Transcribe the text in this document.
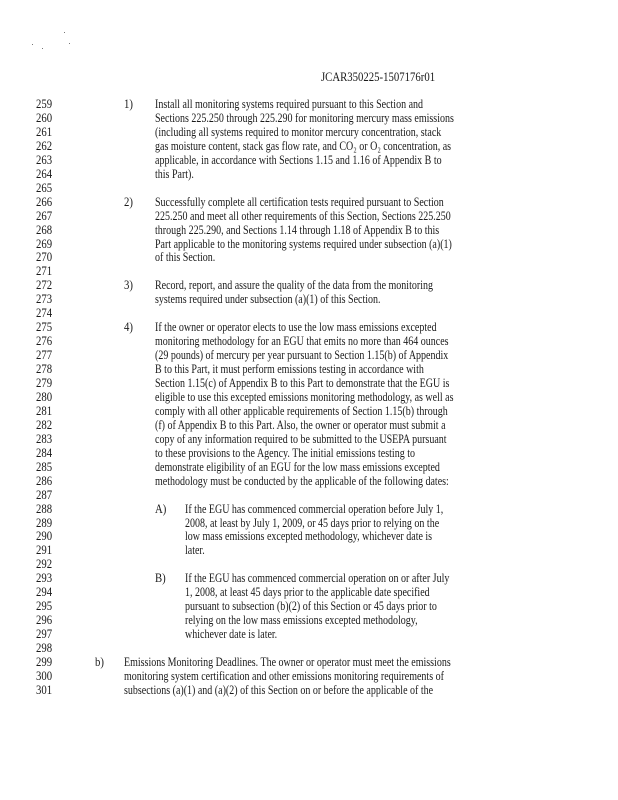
JCAR350225-1507176r01
259	1) Install all monitoring systems required pursuant to this Section and
260	Sections 225.250 through 225.290 for monitoring mercury mass emissions
261	(including all systems required to monitor mercury concentration, stack
262	gas moisture content, stack gas flow rate, and CO₂ or O₂ concentration, as
263	applicable, in accordance with Sections 1.15 and 1.16 of Appendix B to
264	this Part).
265
266	2) Successfully complete all certification tests required pursuant to Section
267	225.250 and meet all other requirements of this Section, Sections 225.250
268	through 225.290, and Sections 1.14 through 1.18 of Appendix B to this
269	Part applicable to the monitoring systems required under subsection (a)(1)
270	of this Section.
271
272	3) Record, report, and assure the quality of the data from the monitoring
273	systems required under subsection (a)(1) of this Section.
274
275	4) If the owner or operator elects to use the low mass emissions excepted
276	monitoring methodology for an EGU that emits no more than 464 ounces
277	(29 pounds) of mercury per year pursuant to Section 1.15(b) of Appendix
278	B to this Part, it must perform emissions testing in accordance with
279	Section 1.15(c) of Appendix B to this Part to demonstrate that the EGU is
280	eligible to use this excepted emissions monitoring methodology, as well as
281	comply with all other applicable requirements of Section 1.15(b) through
282	(f) of Appendix B to this Part. Also, the owner or operator must submit a
283	copy of any information required to be submitted to the USEPA pursuant
284	to these provisions to the Agency. The initial emissions testing to
285	demonstrate eligibility of an EGU for the low mass emissions excepted
286	methodology must be conducted by the applicable of the following dates:
287
288	A) If the EGU has commenced commercial operation before July 1,
289	2008, at least by July 1, 2009, or 45 days prior to relying on the
290	low mass emissions excepted methodology, whichever date is
291	later.
292
293	B) If the EGU has commenced commercial operation on or after July
294	1, 2008, at least 45 days prior to the applicable date specified
295	pursuant to subsection (b)(2) of this Section or 45 days prior to
296	relying on the low mass emissions excepted methodology,
297	whichever date is later.
298
299	b) Emissions Monitoring Deadlines. The owner or operator must meet the emissions
300	monitoring system certification and other emissions monitoring requirements of
301	subsections (a)(1) and (a)(2) of this Section on or before the applicable of the
